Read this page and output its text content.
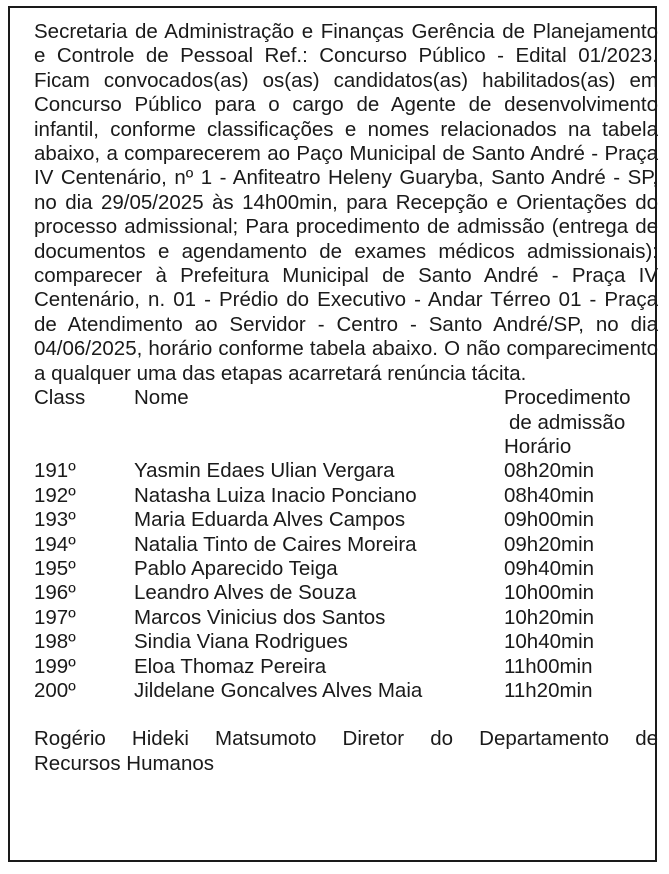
Secretaria de Administração e Finanças Gerência de Planejamento e Controle de Pessoal Ref.: Concurso Público - Edital 01/2023. Ficam convocados(as) os(as) candidatos(as) habilitados(as) em Concurso Público para o cargo de Agente de desenvolvimento infantil, conforme classificações e nomes relacionados na tabela abaixo, a comparecerem ao Paço Municipal de Santo André - Praça IV Centenário, nº 1 - Anfiteatro Heleny Guaryba, Santo André - SP, no dia 29/05/2025 às 14h00min, para Recepção e Orientações do processo admissional; Para procedimento de admissão (entrega de documentos e agendamento de exames médicos admissionais): comparecer à Prefeitura Municipal de Santo André - Praça IV Centenário, n. 01 - Prédio do Executivo - Andar Térreo 01 - Praça de Atendimento ao Servidor - Centro - Santo André/SP, no dia 04/06/2025, horário conforme tabela abaixo. O não comparecimento a qualquer uma das etapas acarretará renúncia tácita.

Class	Nome	Procedimento
de admissão
Horário

191º	Yasmin Edaes Ulian Vergara	08h20min
192º	Natasha Luiza Inacio Ponciano	08h40min
193º	Maria Eduarda Alves Campos	09h00min
194º	Natalia Tinto de Caires Moreira	09h20min
195º	Pablo Aparecido Teiga	09h40min
196º	Leandro Alves de Souza	10h00min
197º	Marcos Vinicius dos Santos	10h20min
198º	Sindia Viana Rodrigues	10h40min
199º	Eloa Thomaz Pereira	11h00min
200º	Jildelane Goncalves Alves Maia	11h20min

Rogério Hideki Matsumoto Diretor do Departamento de
Recursos Humanos
